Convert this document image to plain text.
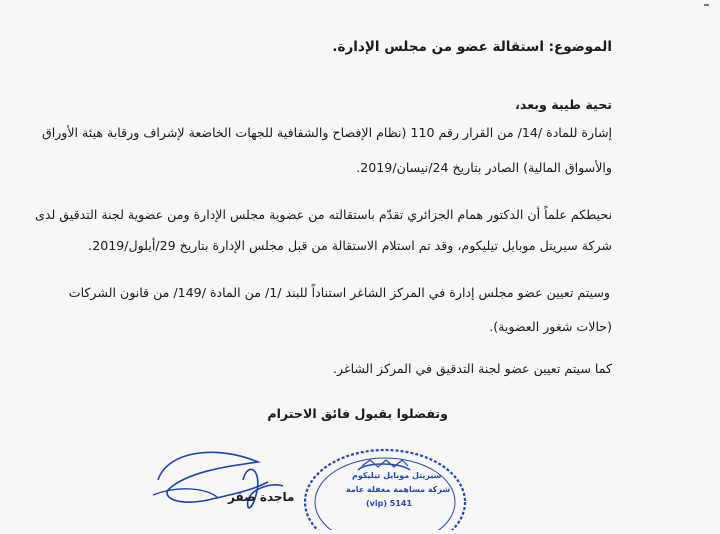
الموضوع: استقالة عضو من مجلس الإدارة.
تحية طيبة وبعد،
إشارة للمادة /14/ من القرار رقم 110 (نظام الإفصاح والشفافية للجهات الخاضعة لإشراف ورقابة هيئة الأوراق
والأسواق المالية) الصادر بتاريخ 24/نيسان/2019.
نحيطكم علماً أن الدكتور همام الجزائري تقدّم باستقالته من عضوية مجلس الإدارة ومن عضوية لجنة التدقيق لدى
شركة سيريتل موبايل تيليكوم، وقد تم استلام الاستقالة من قبل مجلس الإدارة بتاريخ 29/أيلول/2019.
وسيتم تعيين عضو مجلس إدارة في المركز الشاغر استناداً للبند /1/ من المادة /149/ من قانون الشركات
(حالات شغور العضوية).
كما سيتم تعيين عضو لجنة التدقيق في المركز الشاغر.
وتفضلوا بقبول فائق الاحترام
ماجدة صقر
سيريتل موبايل تيليكوم
شركة مساهمة مغفلة عامة
5141 (vip)
